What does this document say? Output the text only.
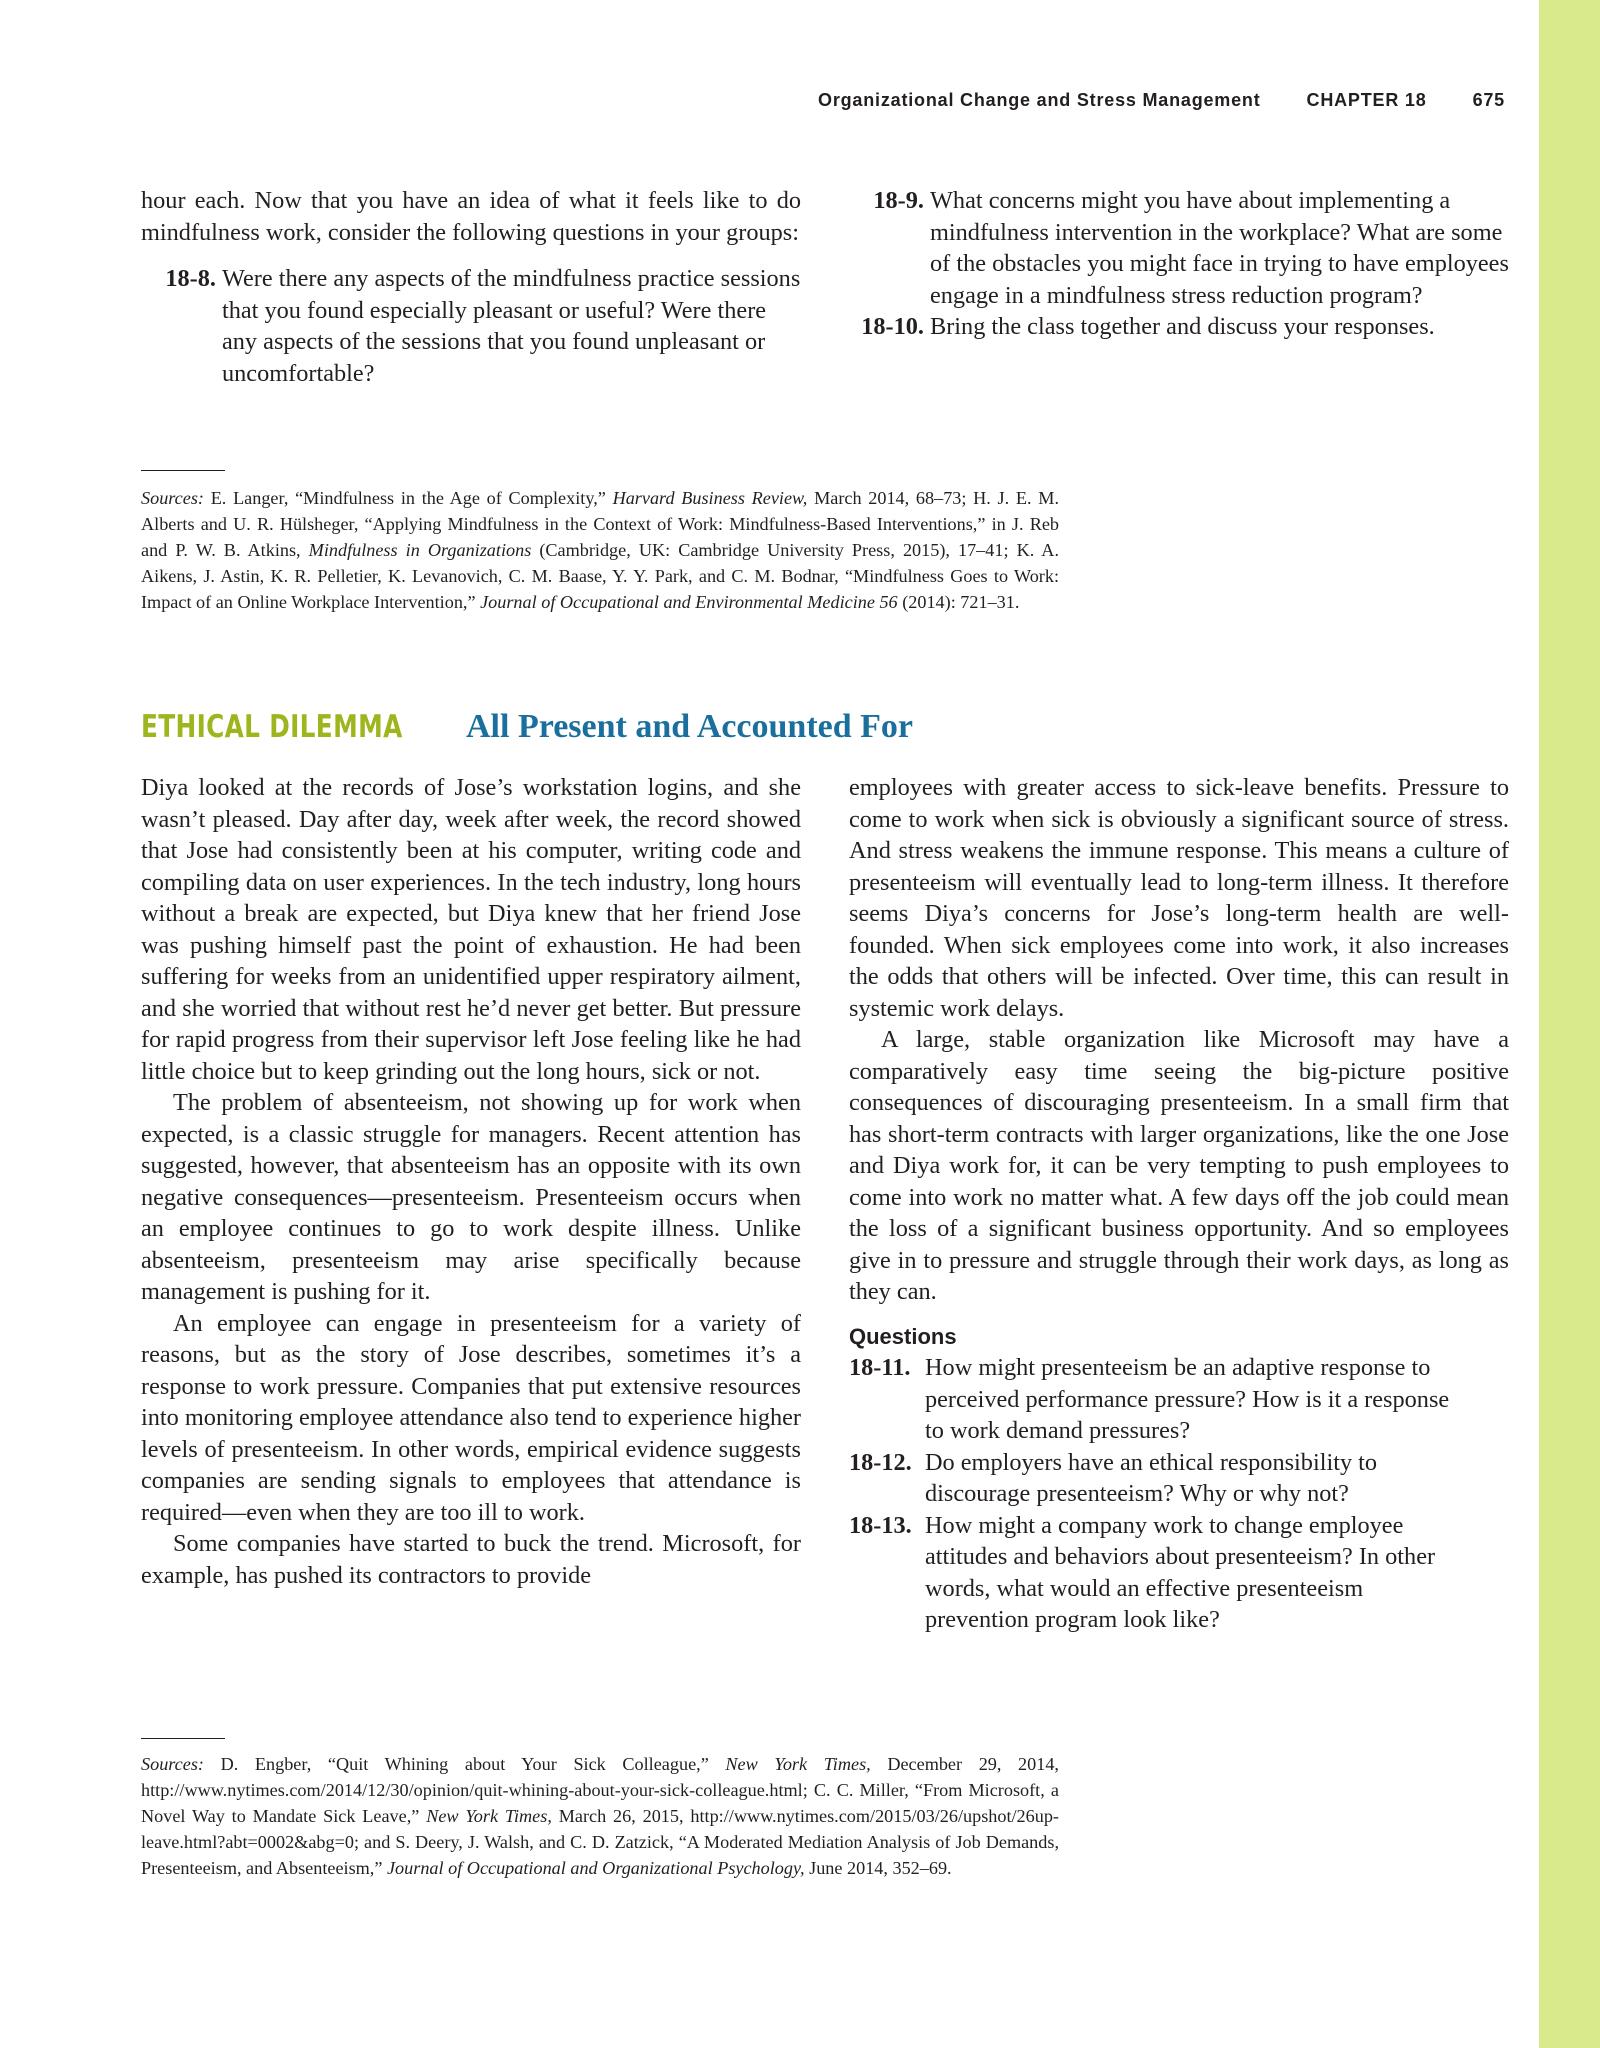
Organizational Change and Stress Management	CHAPTER 18	675
hour each. Now that you have an idea of what it feels like to do mindfulness work, consider the following questions in your groups:
18-8. Were there any aspects of the mindfulness practice sessions that you found especially pleasant or useful? Were there any aspects of the sessions that you found unpleasant or uncomfortable?
18-9. What concerns might you have about implementing a mindfulness intervention in the workplace? What are some of the obstacles you might face in trying to have employees engage in a mindfulness stress reduction program?
18-10. Bring the class together and discuss your responses.

Sources: E. Langer, “Mindfulness in the Age of Complexity,” Harvard Business Review, March 2014, 68–73; H. J. E. M. Alberts and U. R. Hülsheger, “Applying Mindfulness in the Context of Work: Mindfulness-Based Interventions,” in J. Reb and P. W. B. Atkins, Mindfulness in Organizations (Cambridge, UK: Cambridge University Press, 2015), 17–41; K. A. Aikens, J. Astin, K. R. Pelletier, K. Levanovich, C. M. Baase, Y. Y. Park, and C. M. Bodnar, “Mindfulness Goes to Work: Impact of an Online Workplace Intervention,” Journal of Occupational and Environmental Medicine 56 (2014): 721–31.

ETHICAL DILEMMA All Present and Accounted For

Diya looked at the records of Jose’s workstation logins, and she wasn’t pleased. Day after day, week after week, the record showed that Jose had consistently been at his computer, writing code and compiling data on user experiences. In the tech industry, long hours without a break are expected, but Diya knew that her friend Jose was pushing himself past the point of exhaustion. He had been suffering for weeks from an unidentified upper respiratory ailment, and she worried that without rest he’d never get better. But pressure for rapid progress from their supervisor left Jose feeling like he had little choice but to keep grinding out the long hours, sick or not.

The problem of absenteeism, not showing up for work when expected, is a classic struggle for managers. Recent attention has suggested, however, that absenteeism has an opposite with its own negative consequences—presenteeism. Presenteeism occurs when an employee continues to go to work despite illness. Unlike absenteeism, presenteeism may arise specifically because management is pushing for it.

An employee can engage in presenteeism for a variety of reasons, but as the story of Jose describes, sometimes it’s a response to work pressure. Companies that put extensive resources into monitoring employee attendance also tend to experience higher levels of presenteeism. In other words, empirical evidence suggests companies are sending signals to employees that attendance is required—even when they are too ill to work.

Some companies have started to buck the trend. Microsoft, for example, has pushed its contractors to provide

employees with greater access to sick-leave benefits. Pressure to come to work when sick is obviously a significant source of stress. And stress weakens the immune response. This means a culture of presenteeism will eventually lead to long-term illness. It therefore seems Diya’s concerns for Jose’s long-term health are well-founded. When sick employees come into work, it also increases the odds that others will be infected. Over time, this can result in systemic work delays.

A large, stable organization like Microsoft may have a comparatively easy time seeing the big-picture positive consequences of discouraging presenteeism. In a small firm that has short-term contracts with larger organizations, like the one Jose and Diya work for, it can be very tempting to push employees to come into work no matter what. A few days off the job could mean the loss of a significant business opportunity. And so employees give in to pressure and struggle through their work days, as long as they can.

Questions
18-11. How might presenteeism be an adaptive response to perceived performance pressure? How is it a response to work demand pressures?
18-12. Do employers have an ethical responsibility to discourage presenteeism? Why or why not?
18-13. How might a company work to change employee attitudes and behaviors about presenteeism? In other words, what would an effective presenteeism prevention program look like?

Sources: D. Engber, “Quit Whining about Your Sick Colleague,” New York Times, December 29, 2014, http://www.nytimes.com/2014/12/30/opinion/quit-whining-about-your-sick-colleague.html; C. C. Miller, “From Microsoft, a Novel Way to Mandate Sick Leave,” New York Times, March 26, 2015, http://www.nytimes.com/2015/03/26/upshot/26up-leave.html?abt=0002&abg=0; and S. Deery, J. Walsh, and C. D. Zatzick, “A Moderated Mediation Analysis of Job Demands, Presenteeism, and Absenteeism,” Journal of Occupational and Organizational Psychology, June 2014, 352–69.
